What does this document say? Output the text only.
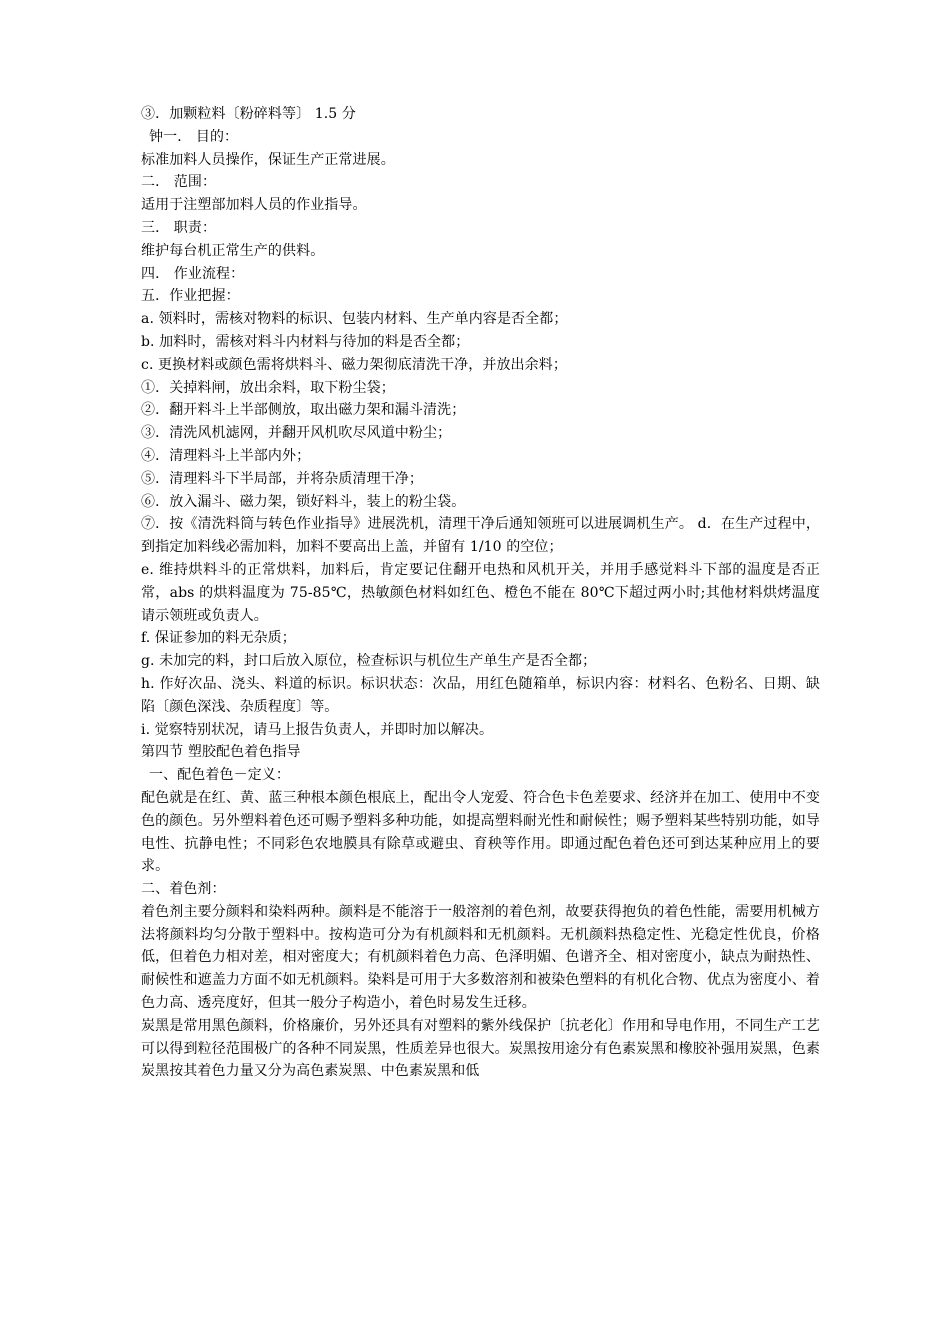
③．加颗粒料〔粉碎料等〕 1.5 分

钟一． 目的：

标准加料人员操作，保证生产正常进展。

二． 范围：

适用于注塑部加料人员的作业指导。

三． 职责：

维护每台机正常生产的供料。

四． 作业流程：

五．作业把握：

a. 领料时，需核对物料的标识、包装内材料、生产单内容是否全都；

b. 加料时，需核对料斗内材料与待加的料是否全都；

c. 更换材料或颜色需将烘料斗、磁力架彻底清洗干净，并放出余料；

①．关掉料闸，放出余料，取下粉尘袋；

②．翻开料斗上半部侧放，取出磁力架和漏斗清洗；

③．清洗风机滤网，并翻开风机吹尽风道中粉尘；

④．清理料斗上半部内外；

⑤．清理料斗下半局部，并将杂质清理干净；

⑥．放入漏斗、磁力架，锁好料斗，装上的粉尘袋。

⑦．按《清洗料筒与转色作业指导》进展洗机，清理干净后通知领班可以进展调机生产。 d．在生产过程中，到指定加料线必需加料，加料不要高出上盖，并留有 1/10 的空位；

e. 维持烘料斗的正常烘料，加料后，肯定要记住翻开电热和风机开关，并用手感觉料斗下部的温度是否正常，abs 的烘料温度为 75-85℃，热敏颜色材料如红色、橙色不能在 80℃下超过两小时;其他材料烘烤温度请示领班或负责人。

f. 保证参加的料无杂质；

g. 未加完的料，封口后放入原位，检查标识与机位生产单生产是否全都；

h. 作好次品、浇头、料道的标识。标识状态：次品，用红色随箱单，标识内容：材料名、色粉名、日期、缺陷〔颜色深浅、杂质程度〕等。

i. 觉察特别状况，请马上报告负责人，并即时加以解决。

第四节 塑胶配色着色指导

一、配色着色－定义：

配色就是在红、黄、蓝三种根本颜色根底上，配出令人宠爱、符合色卡色差要求、经济并在加工、使用中不变色的颜色。另外塑料着色还可赐予塑料多种功能，如提高塑料耐光性和耐候性；赐予塑料某些特别功能，如导电性、抗静电性；不同彩色农地膜具有除草或避虫、育秧等作用。即通过配色着色还可到达某种应用上的要求。

二、着色剂：

着色剂主要分颜料和染料两种。颜料是不能溶于一般溶剂的着色剂，故要获得抱负的着色性能，需要用机械方法将颜料均匀分散于塑料中。按构造可分为有机颜料和无机颜料。无机颜料热稳定性、光稳定性优良，价格低，但着色力相对差，相对密度大；有机颜料着色力高、色泽明媚、色谱齐全、相对密度小，缺点为耐热性、耐候性和遮盖力方面不如无机颜料。染料是可用于大多数溶剂和被染色塑料的有机化合物、优点为密度小、着色力高、透亮度好，但其一般分子构造小，着色时易发生迁移。

炭黑是常用黑色颜料，价格廉价，另外还具有对塑料的紫外线保护〔抗老化〕作用和导电作用，不同生产工艺可以得到粒径范围极广的各种不同炭黑，性质差异也很大。炭黑按用途分有色素炭黑和橡胶补强用炭黑，色素炭黑按其着色力量又分为高色素炭黑、中色素炭黑和低
